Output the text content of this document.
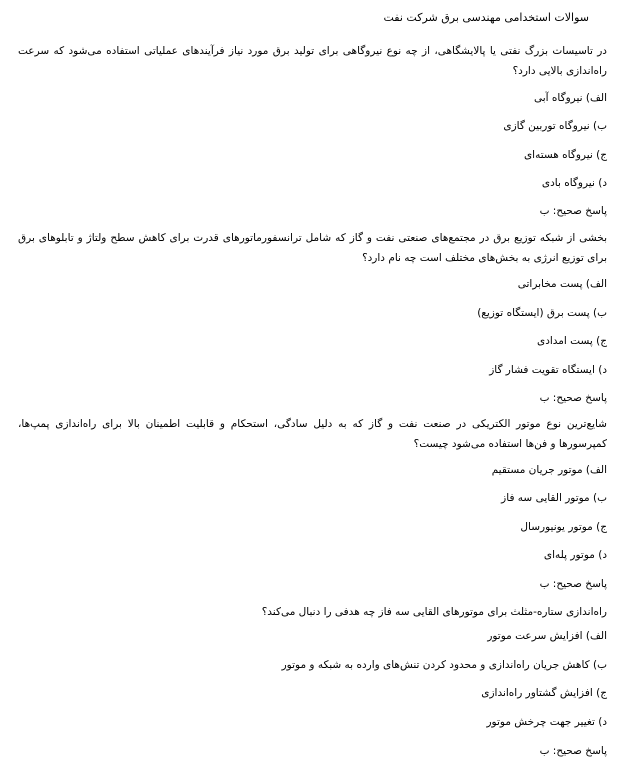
سوالات استخدامی مهندسی برق شرکت نفت
در تاسیسات بزرگ نفتی یا پالایشگاهی، از چه نوع نیروگاهی برای تولید برق مورد نیاز فرآیندهای عملیاتی استفاده می‌شود که سرعت راه‌اندازی بالایی دارد؟
الف) نیروگاه آبی
ب) نیروگاه توربین گازی
ج) نیروگاه هسته‌ای
د) نیروگاه بادی
پاسخ صحیح: ب
بخشی از شبکه توزیع برق در مجتمع‌های صنعتی نفت و گاز که شامل ترانسفورماتورهای قدرت برای کاهش سطح ولتاژ و تابلوهای برق برای توزیع انرژی به بخش‌های مختلف است چه نام دارد؟
الف) پست مخابراتی
ب) پست برق (ایستگاه توزیع)
ج) پست امدادی
د) ایستگاه تقویت فشار گاز
پاسخ صحیح: ب
شایع‌ترین نوع موتور الکتریکی در صنعت نفت و گاز که به دلیل سادگی، استحکام و قابلیت اطمینان بالا برای راه‌اندازی پمپ‌ها، کمپرسورها و فن‌ها استفاده می‌شود چیست؟
الف) موتور جریان مستقیم
ب) موتور القایی سه فاز
ج) موتور یونیورسال
د) موتور پله‌ای
پاسخ صحیح: ب
راه‌اندازی ستاره-مثلث برای موتورهای القایی سه فاز چه هدفی را دنبال می‌کند؟
الف) افزایش سرعت موتور
ب) کاهش جریان راه‌اندازی و محدود کردن تنش‌های وارده به شبکه و موتور
ج) افزایش گشتاور راه‌اندازی
د) تغییر جهت چرخش موتور
پاسخ صحیح: ب
